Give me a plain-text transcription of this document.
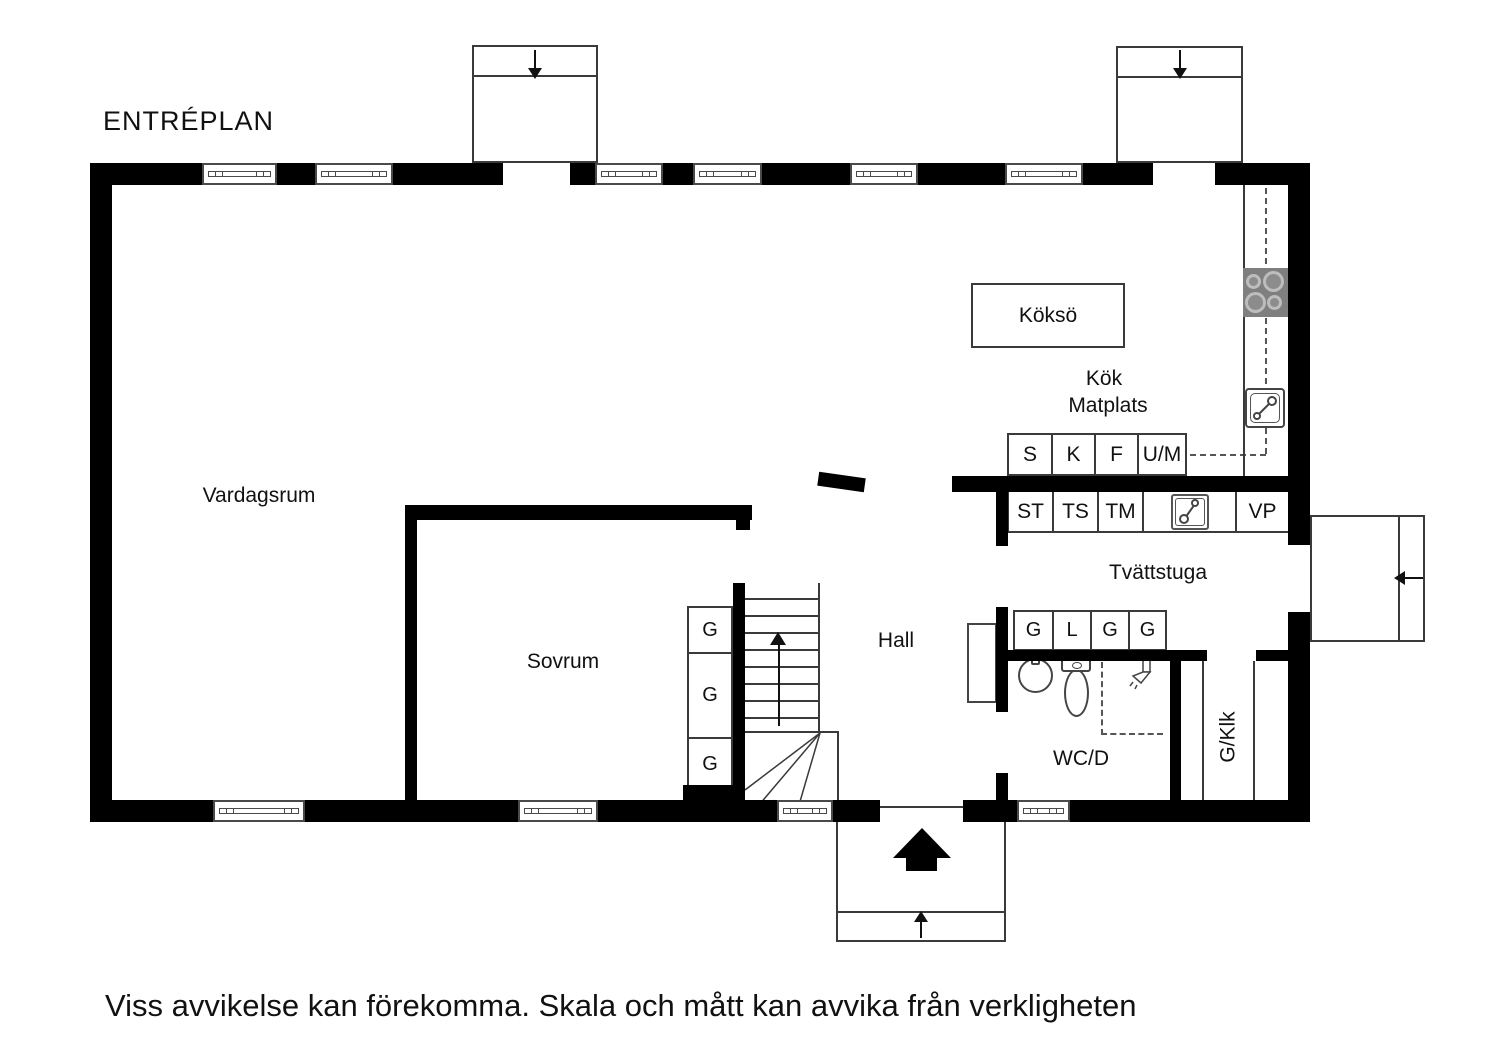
ENTRÉPLAN
Viss avvikelse kan förekomma. Skala och mått kan avvika från verkligheten
G
G
G
Köksö
Kök
Matplats
S	K	F U/M
ST TS TM	VP
Tvättstuga
G	L	G	G
WC/D	G/Klk
Vardagsrum
Sovrum
Hall
